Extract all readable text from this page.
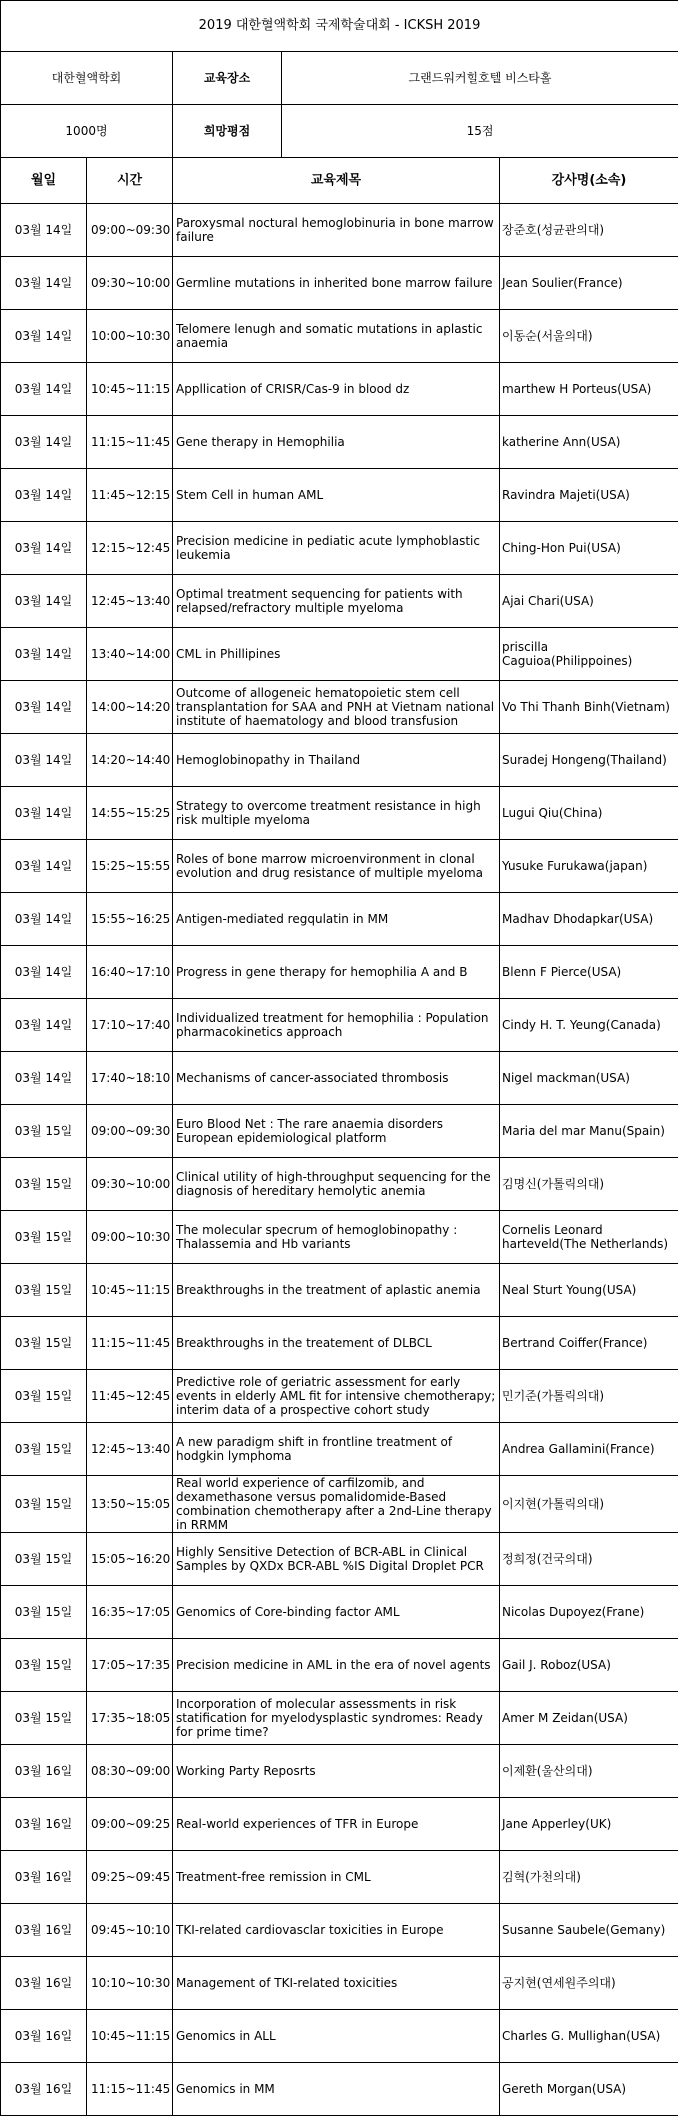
2019 대한혈액학회 국제학술대회 - ICKSH 2019				
대한혈액학회		교육장소	그랜드워커힐호텔 비스타홀	
1000명		희망평점	15점	
월일	시간	교육제목		강사명(소속)
03월 14일	09:00~09:30	Paroxysmal noctural hemoglobinuria in bone marrow failure		장준호(성균관의대)
03월 14일	09:30~10:00	Germline mutations in inherited bone marrow failure		Jean Soulier(France)
03월 14일	10:00~10:30	Telomere lenugh and somatic mutations in aplastic anaemia		이동순(서울의대)
03월 14일	10:45~11:15	Appllication of CRISR/Cas-9 in blood dz		marthew H Porteus(USA)
03월 14일	11:15~11:45	Gene therapy in Hemophilia		katherine Ann(USA)
03월 14일	11:45~12:15	Stem Cell in human AML		Ravindra Majeti(USA)
03월 14일	12:15~12:45	Precision medicine in pediatic acute lymphoblastic leukemia		Ching-Hon Pui(USA)
03월 14일	12:45~13:40	Optimal treatment sequencing for patients with relapsed/refractory multiple myeloma		Ajai Chari(USA)
03월 14일	13:40~14:00	CML in Phillipines		priscilla Caguioa(Philippoines)
03월 14일	14:00~14:20	Outcome of allogeneic hematopoietic stem cell transplantation for SAA and PNH at Vietnam national institute of haematology and blood transfusion		Vo Thi Thanh Binh(Vietnam)
03월 14일	14:20~14:40	Hemoglobinopathy in Thailand		Suradej Hongeng(Thailand)
03월 14일	14:55~15:25	Strategy to overcome treatment resistance in high risk multiple myeloma		Lugui Qiu(China)
03월 14일	15:25~15:55	Roles of bone marrow microenvironment in clonal evolution and drug resistance of multiple myeloma		Yusuke Furukawa(japan)
03월 14일	15:55~16:25	Antigen-mediated regqulatin in MM		Madhav Dhodapkar(USA)
03월 14일	16:40~17:10	Progress in gene therapy for hemophilia A and B		Blenn F Pierce(USA)
03월 14일	17:10~17:40	Individualized treatment for hemophilia : Population pharmacokinetics approach		Cindy H. T. Yeung(Canada)
03월 14일	17:40~18:10	Mechanisms of cancer-associated thrombosis		Nigel mackman(USA)
03월 15일	09:00~09:30	Euro Blood Net : The rare anaemia disorders European epidemiological platform		Maria del mar Manu(Spain)
03월 15일	09:30~10:00	Clinical utility of high-throughput sequencing for the diagnosis of hereditary hemolytic anemia		김명신(가톨릭의대)
03월 15일	09:00~10:30	The molecular specrum of hemoglobinopathy : Thalassemia and Hb variants		Cornelis Leonard harteveld(The Netherlands)
03월 15일	10:45~11:15	Breakthroughs in the treatment of aplastic anemia		Neal Sturt Young(USA)
03월 15일	11:15~11:45	Breakthroughs in the treatement of DLBCL		Bertrand Coiffer(France)
03월 15일	11:45~12:45	Predictive role of geriatric assessment for early events in elderly AML fit for intensive chemotherapy; interim data of a prospective cohort study		민기준(가톨릭의대)
03월 15일	12:45~13:40	A new paradigm shift in frontline treatment of hodgkin lymphoma		Andrea Gallamini(France)
03월 15일	13:50~15:05	Real world experience of carfilzomib, and dexamethasone versus pomalidomide-Based combination chemotherapy after a 2nd-Line therapy in RRMM		이지현(가톨릭의대)
03월 15일	15:05~16:20	Highly Sensitive Detection of BCR-ABL in Clinical Samples by QXDx BCR-ABL %IS Digital Droplet PCR		정희정(건국의대)
03월 15일	16:35~17:05	Genomics of Core-binding factor AML		Nicolas Dupoyez(Frane)
03월 15일	17:05~17:35	Precision medicine in AML in the era of novel agents		Gail J. Roboz(USA)
03월 15일	17:35~18:05	Incorporation of molecular assessments in risk statification for myelodysplastic syndromes: Ready for prime time?		Amer M Zeidan(USA)
03월 16일	08:30~09:00	Working Party Reposrts		이제환(울산의대)
03월 16일	09:00~09:25	Real-world experiences of TFR in Europe		Jane Apperley(UK)
03월 16일	09:25~09:45	Treatment-free remission in CML		김혁(가천의대)
03월 16일	09:45~10:10	TKI-related cardiovasclar toxicities in Europe		Susanne Saubele(Gemany)
03월 16일	10:10~10:30	Management of TKI-related toxicities		공지현(연세원주의대)
03월 16일	10:45~11:15	Genomics in ALL		Charles G. Mullighan(USA)
03월 16일	11:15~11:45	Genomics in MM		Gereth Morgan(USA)
